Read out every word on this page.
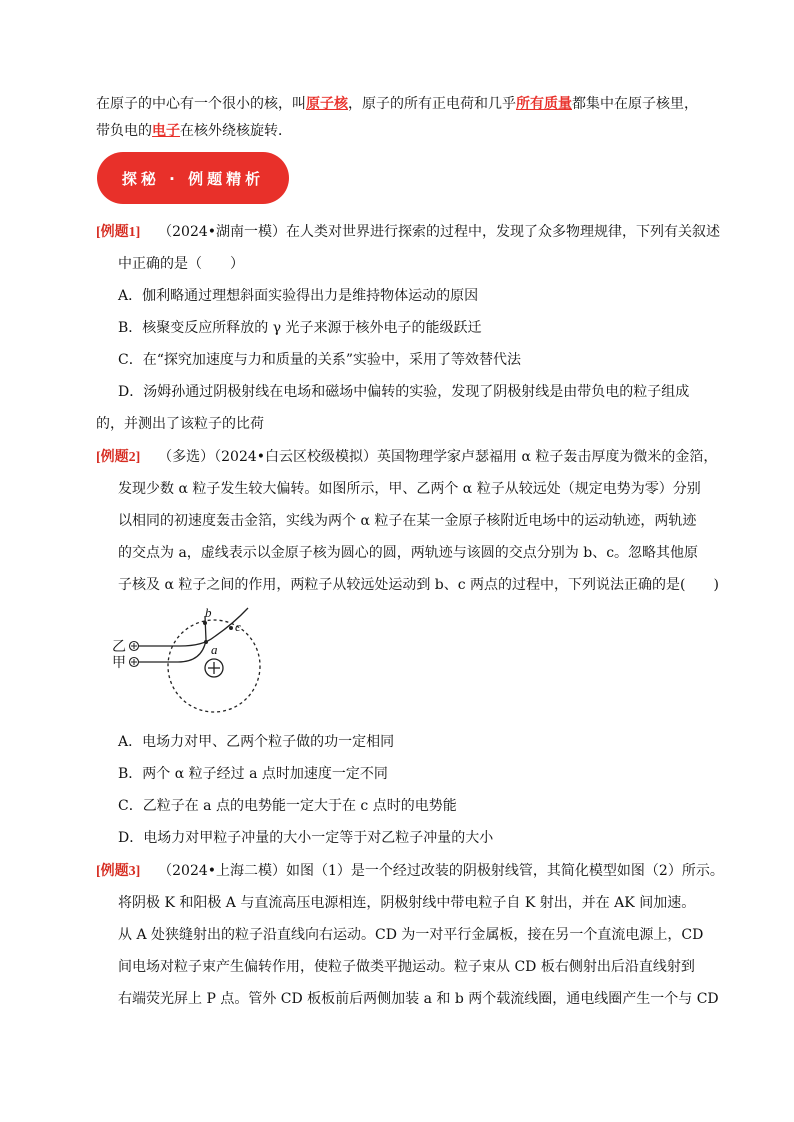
在原子的中心有一个很小的核，叫原子核，原子的所有正电荷和几乎所有质量都集中在原子核里，
带负电的电子在核外绕核旋转．
探秘 · 例题精析
[例题1] （2024•湖南一模）在人类对世界进行探索的过程中，发现了众多物理规律，下列有关叙述
中正确的是（　　）
A．伽利略通过理想斜面实验得出力是维持物体运动的原因
B．核聚变反应所释放的 γ 光子来源于核外电子的能级跃迁
C．在“探究加速度与力和质量的关系”实验中，采用了等效替代法
D．汤姆孙通过阴极射线在电场和磁场中偏转的实验，发现了阴极射线是由带负电的粒子组成
的，并测出了该粒子的比荷
[例题2] （多选）（2024•白云区校级模拟）英国物理学家卢瑟福用 α 粒子轰击厚度为微米的金箔，
发现少数 α 粒子发生较大偏转。如图所示，甲、乙两个 α 粒子从较远处（规定电势为零）分别
以相同的初速度轰击金箔，实线为两个 α 粒子在某一金原子核附近电场中的运动轨迹，两轨迹
的交点为 a，虚线表示以金原子核为圆心的圆，两轨迹与该圆的交点分别为 b、c。忽略其他原
子核及 α 粒子之间的作用，两粒子从较远处运动到 b、c 两点的过程中，下列说法正确的是(　　)
乙
甲
a
b
c
A．电场力对甲、乙两个粒子做的功一定相同
B．两个 α 粒子经过 a 点时加速度一定不同
C．乙粒子在 a 点的电势能一定大于在 c 点时的电势能
D．电场力对甲粒子冲量的大小一定等于对乙粒子冲量的大小
[例题3] （2024•上海二模）如图（1）是一个经过改装的阴极射线管，其简化模型如图（2）所示。
将阴极 K 和阳极 A 与直流高压电源相连，阴极射线中带电粒子自 K 射出，并在 AK 间加速。
从 A 处狭缝射出的粒子沿直线向右运动。CD 为一对平行金属板，接在另一个直流电源上，CD
间电场对粒子束产生偏转作用，使粒子做类平抛运动。粒子束从 CD 板右侧射出后沿直线射到
右端荧光屏上 P 点。管外 CD 板板前后两侧加装 a 和 b 两个载流线圈，通电线圈产生一个与 CD
